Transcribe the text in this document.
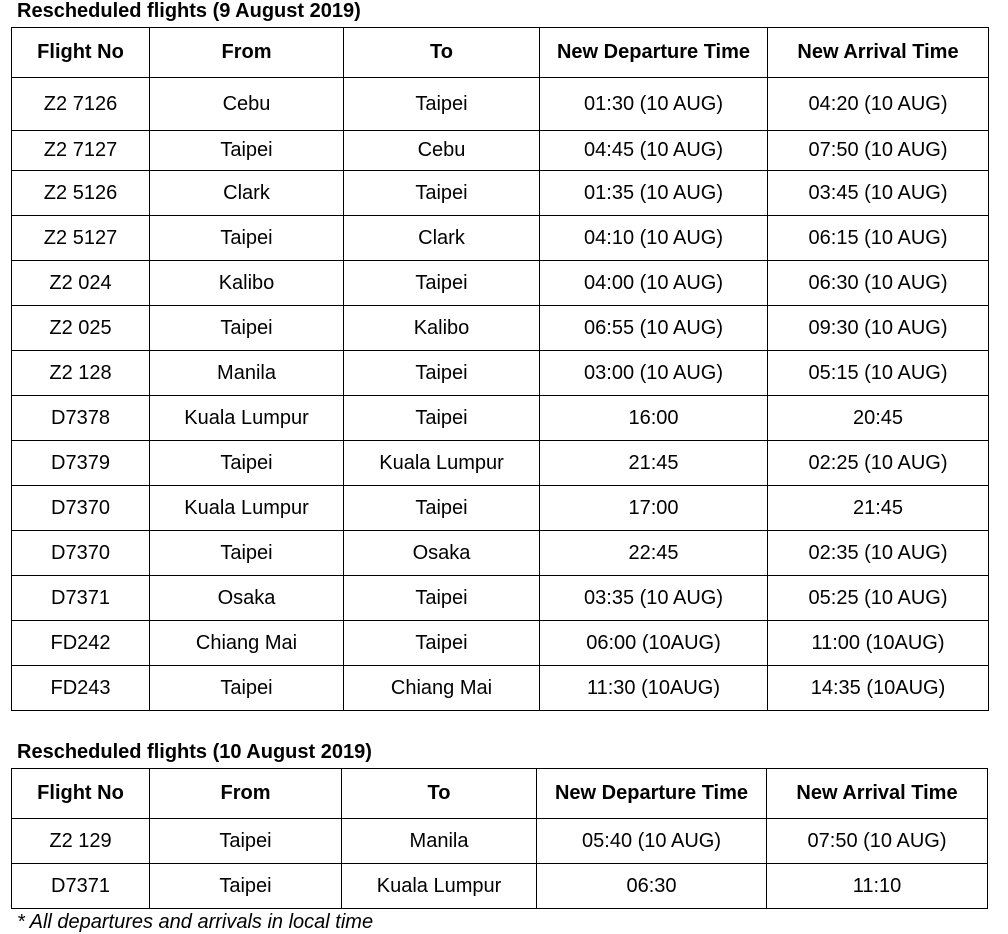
Rescheduled flights (9 August 2019)
Flight No	From	To	New Departure Time	New Arrival Time
Z2 7126	Cebu	Taipei	01:30 (10 AUG)	04:20 (10 AUG)
Z2 7127	Taipei	Cebu	04:45 (10 AUG)	07:50 (10 AUG)
Z2 5126	Clark	Taipei	01:35 (10 AUG)	03:45 (10 AUG)
Z2 5127	Taipei	Clark	04:10 (10 AUG)	06:15 (10 AUG)
Z2 024	Kalibo	Taipei	04:00 (10 AUG)	06:30 (10 AUG)
Z2 025	Taipei	Kalibo	06:55 (10 AUG)	09:30 (10 AUG)
Z2 128	Manila	Taipei	03:00 (10 AUG)	05:15 (10 AUG)
D7378	Kuala Lumpur	Taipei	16:00	20:45
D7379	Taipei	Kuala Lumpur	21:45	02:25 (10 AUG)
D7370	Kuala Lumpur	Taipei	17:00	21:45
D7370	Taipei	Osaka	22:45	02:35 (10 AUG)
D7371	Osaka	Taipei	03:35 (10 AUG)	05:25 (10 AUG)
FD242	Chiang Mai	Taipei	06:00 (10AUG)	11:00 (10AUG)
FD243	Taipei	Chiang Mai	11:30 (10AUG)	14:35 (10AUG)
Rescheduled flights (10 August 2019)
Flight No	From	To	New Departure Time	New Arrival Time
Z2 129	Taipei	Manila	05:40 (10 AUG)	07:50 (10 AUG)
D7371	Taipei	Kuala Lumpur	06:30	11:10
* All departures and arrivals in local time
